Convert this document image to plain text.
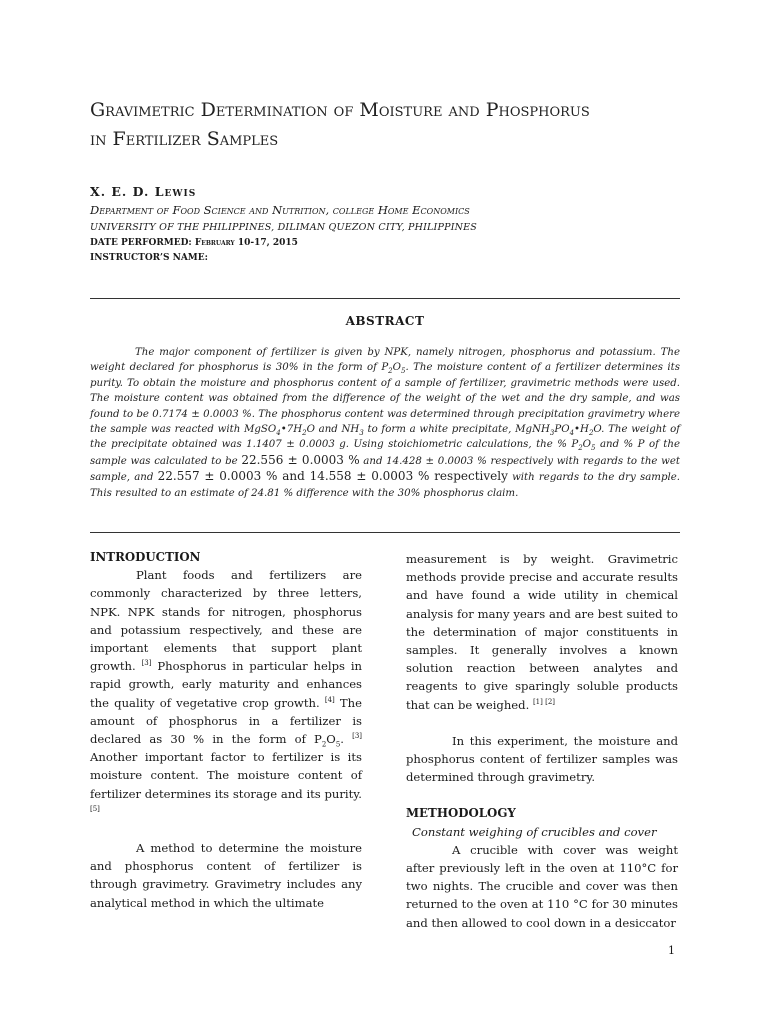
Gravimetric Determination of Moisture and Phosphorus
in Fertilizer Samples
X. E. D. Lewis
Department of Food Science and Nutrition, college Home Economics
UNIVERSITY OF THE PHILIPPINES, DILIMAN QUEZON CITY, PHILIPPINES
DATE PERFORMED: February 10-17, 2015
INSTRUCTOR’S NAME:
ABSTRACT

The major component of fertilizer is given by NPK, namely nitrogen, phosphorus and potassium. The weight declared for phosphorus is 30% in the form of $P_2O_5$. The moisture content of a fertilizer determines its purity. To obtain the moisture and phosphorus content of a sample of fertilizer, gravimetric methods were used. The moisture content was obtained from the difference of the weight of the wet and the dry sample, and was found to be 0.7174 ± 0.0003 %. The phosphorus content was determined through precipitation gravimetry where the sample was reacted with $MgSO_4•7H_2O$ and $NH_3$ to form a white precipitate, $MgNH_3PO_4•H_2O$. The weight of the precipitate obtained was 1.1407 ± 0.0003 g. Using stoichiometric calculations, the % $P_2O_5$ and % P of the sample was calculated to be 22.556 ± 0.0003 % and 14.428 ± 0.0003 % respectively with regards to the wet sample, and 22.557 ± 0.0003 % and 14.558 ± 0.0003 % respectively with regards to the dry sample. This resulted to an estimate of 24.81 % difference with the 30% phosphorus claim.

INTRODUCTION

Plant foods and fertilizers are commonly characterized by three letters, NPK. NPK stands for nitrogen, phosphorus and potassium respectively, and these are important elements that support plant growth. [3] Phosphorus in particular helps in rapid growth, early maturity and enhances the quality of vegetative crop growth. [4] The amount of phosphorus in a fertilizer is declared as 30 % in the form of $P_2O_5$. [3] Another important factor to fertilizer is its moisture content. The moisture content of fertilizer determines its storage and its purity. [5]

A method to determine the moisture and phosphorus content of fertilizer is through gravimetry. Gravimetry includes any analytical method in which the ultimate

measurement is by weight. Gravimetric methods provide precise and accurate results and have found a wide utility in chemical analysis for many years and are best suited to the determination of major constituents in samples. It generally involves a known solution reaction between analytes and reagents to give sparingly soluble products that can be weighed. [1] [2]

In this experiment, the moisture and phosphorus content of fertilizer samples was determined through gravimetry.

METHODOLOGY

Constant weighing of crucibles and cover

A crucible with cover was weight after previously left in the oven at 110°C for two nights. The crucible and cover was then returned to the oven at 110 °C for 30 minutes and then allowed to cool down in a desiccator

1
